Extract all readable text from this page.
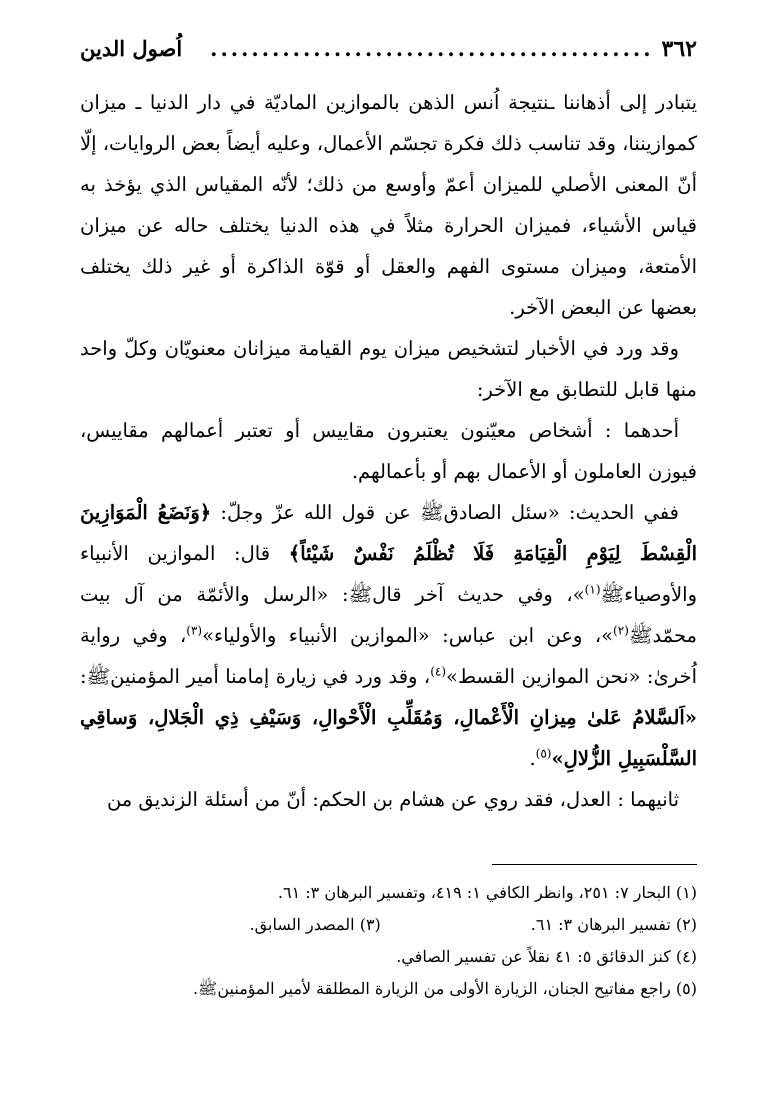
٣٦٢
...........................................
اُصول الدين

يتبادر إلى أذهاننا ـنتيجة اُنس الذهن بالموازين الماديّة في دار الدنيا ـ ميزان كموازيننا، وقد تناسب ذلك فكرة تجسّم الأعمال، وعليه أيضاً بعض الروايات، إلّا أنّ المعنى الأصلي للميزان أعمّ وأوسع من ذلك؛ لأنّه المقياس الذي يؤخذ به قياس الأشياء، فميزان الحرارة مثلاً في هذه الدنيا يختلف حاله عن ميزان الأمتعة، وميزان مستوى الفهم والعقل أو قوّة الذاكرة أو غير ذلك يختلف بعضها عن البعض الآخر.

وقد ورد في الأخبار لتشخيص ميزان يوم القيامة ميزانان معنويّان وكلّ واحد منها قابل للتطابق مع الآخر:

أحدهما : أشخاص معيّنون يعتبرون مقاييس أو تعتبر أعمالهم مقاييس، فيوزن العاملون أو الأعمال بهم أو بأعمالهم.

ففي الحديث: «سئل الصادقﷺ عن قول الله عزّ وجلّ: ﴿وَنَضَعُ الْمَوَازِينَ الْقِسْطَ لِيَوْمِ الْقِيَامَةِ فَلَا تُظْلَمُ نَفْسٌ شَيْئاً﴾ قال: الموازين الأنبياء والأوصياءﷺ$^{(١)}$»، وفي حديث آخر قالﷺ: «الرسل والأئمّة من آل بيت محمّدﷺ$^{(٢)}$»، وعن ابن عباس: «الموازين الأنبياء والأولياء»$^{(٣)}$، وفي رواية اُخرىٰ: «نحن الموازين القسط»$^{(٤)}$، وقد ورد في زيارة إمامنا أمير المؤمنينﷺ: «اَلسَّلامُ عَلىٰ مِيزانِ الْأَعْمالِ، وَمُقَلِّبِ الْأَحْوالِ، وَسَيْفِ ذِي الْجَلالِ، وَساقِي السَّلْسَبِيلِ الزُّلالِ»$^{(٥)}$.

ثانيهما : العدل، فقد روي عن هشام بن الحكم: أنّ من أسئلة الزنديق من

(١) البحار ٧: ٢٥١، وانظر الكافي ١: ٤١٩، وتفسير البرهان ٣: ٦١.
(٢) تفسير البرهان ٣: ٦١.
(٣) المصدر السابق.
(٤) كنز الدقائق ٥: ٤١ نقلاً عن تفسير الصافي.
(٥) راجع مفاتيح الجنان، الزيارة الأولى من الزيارة المطلقة لأمير المؤمنينﷺ.
